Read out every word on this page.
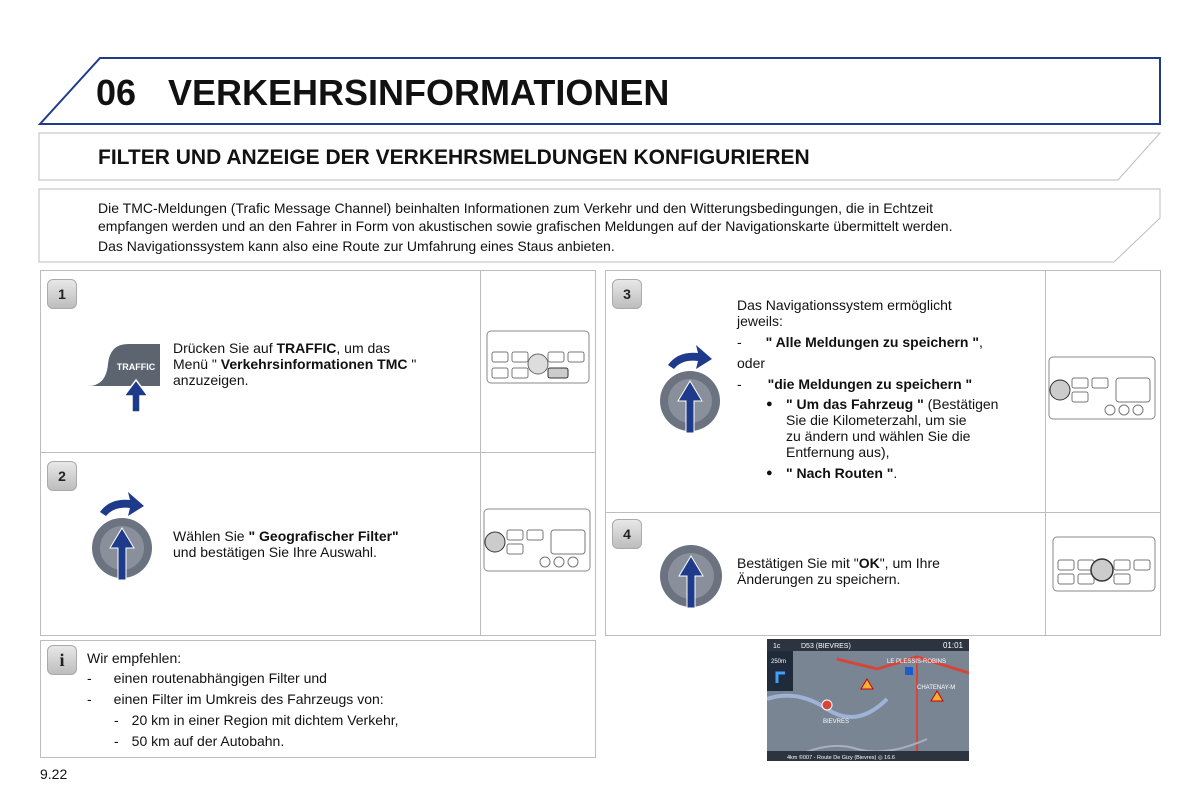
06 VERKEHRSINFORMATIONEN
FILTER UND ANZEIGE DER VERKEHRSMELDUNGEN KONFIGURIEREN
Die TMC-Meldungen (Trafic Message Channel) beinhalten Informationen zum Verkehr und den Witterungsbedingungen, die in Echtzeit
empfangen werden und an den Fahrer in Form von akustischen sowie grafischen Meldungen auf der Navigationskarte übermittelt werden.
Das Navigationssystem kann also eine Route zur Umfahrung eines Staus anbieten.
1
TRAFFIC
Drücken Sie auf TRAFFIC, um das
Menü " Verkehrsinformationen TMC "
anzuzeigen.
2
Wählen Sie " Geografischer Filter"
und bestätigen Sie Ihre Auswahl.
3
Das Navigationssystem ermöglicht
jeweils:
- " Alle Meldungen zu speichern ",
oder
- "die Meldungen zu speichern "
● " Um das Fahrzeug " (Bestätigen
Sie die Kilometerzahl, um sie
zu ändern und wählen Sie die
Entfernung aus),
● " Nach Routen ".
4
Bestätigen Sie mit "OK", um Ihre
Änderungen zu speichern.
i	Wir empfehlen:
- einen routenabhängigen Filter und
- einen Filter im Umkreis des Fahrzeugs von:
- 20 km in einer Region mit dichtem Verkehr,
- 50 km auf der Autobahn.
1c	D53 (BIEVRES)	01:01
250m	LE PLESSIS-ROBINS
CHATENAY-M
BIEVRES
4km ©007 - Route De Gizy (Bievres) ◎ 16.6
9.22
